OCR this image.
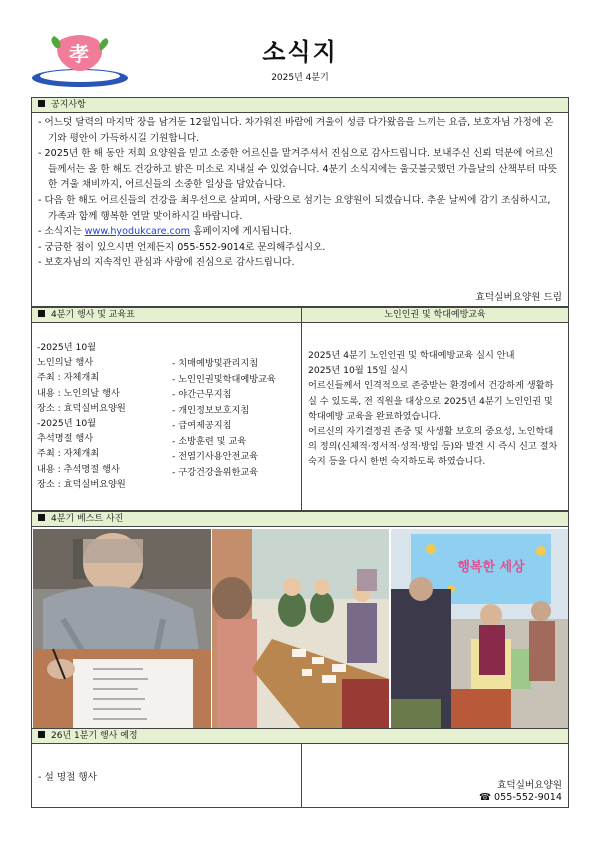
孝	소식지
2025년 4분기
공지사항
- 어느덧 달력의 마지막 장을 남겨둔 12월입니다. 차가워진 바람에 겨울이 성큼 다가왔음을 느끼는 요즘, 보호자님 가정에 온기와 평안이 가득하시길 기원합니다.
- 2025년 한 해 동안 저희 요양원을 믿고 소중한 어르신을 맡겨주셔서 진심으로 감사드립니다. 보내주신 신뢰 덕분에 어르신들께서는 올 한 해도 건강하고 밝은 미소로 지내실 수 있었습니다. 4분기 소식지에는 울긋불긋했던 가을날의 산책부터 따뜻한 겨울 채비까지, 어르신들의 소중한 일상을 담았습니다.
- 다음 한 해도 어르신들의 건강을 최우선으로 살피며, 사랑으로 섬기는 요양원이 되겠습니다. 추운 날씨에 감기 조심하시고, 가족과 함께 행복한 연말 맞이하시길 바랍니다.
- 소식지는 www.hyodukcare.com 홈페이지에 게시됩니다.
- 궁금한 점이 있으시면 언제든지 055-552-9014로 문의해주십시오.
- 보호자님의 지속적인 관심과 사랑에 진심으로 감사드립니다.
효덕실버요양원 드림
4분기 행사 및 교육표
-2025년 10월
노인의날 행사
주최 : 자체개최
내용 : 노인의날 행사
장소 : 효덕실버요양원
-2025년 10월
추석명절 행사
주최 : 자체개최
내용 : 추석명절 행사
장소 : 효덕실버요양원
- 치매예방및관리지침
- 노인인권및학대예방교육
- 야간근무지침
- 개인정보보호지침
- 급여제공지침
- 소방훈련 및 교육
- 전염기사용안전교육
- 구강건강을위한교육
노인인권 및 학대예방교육
2025년 4분기 노인인권 및 학대예방교육 실시 안내
2025년 10월 15일 실시
어르신들께서 인격적으로 존중받는 환경에서 건강하게 생활하실 수 있도록, 전 직원을 대상으로 2025년 4분기 노인인권 및 학대예방 교육을 완료하였습니다.
어르신의 자기결정권 존중 및 사생활 보호의 중요성, 노인학대의 정의(신체적·정서적·성적·방임 등)와 발견 시 즉시 신고 절차 숙지 등을 다시 한번 숙지하도록 하였습니다.
4분기 베스트 사진
행복한 세상
26년 1분기 행사 예정
- 설 명절 행사
효덕실버요양원
☎ 055-552-9014
